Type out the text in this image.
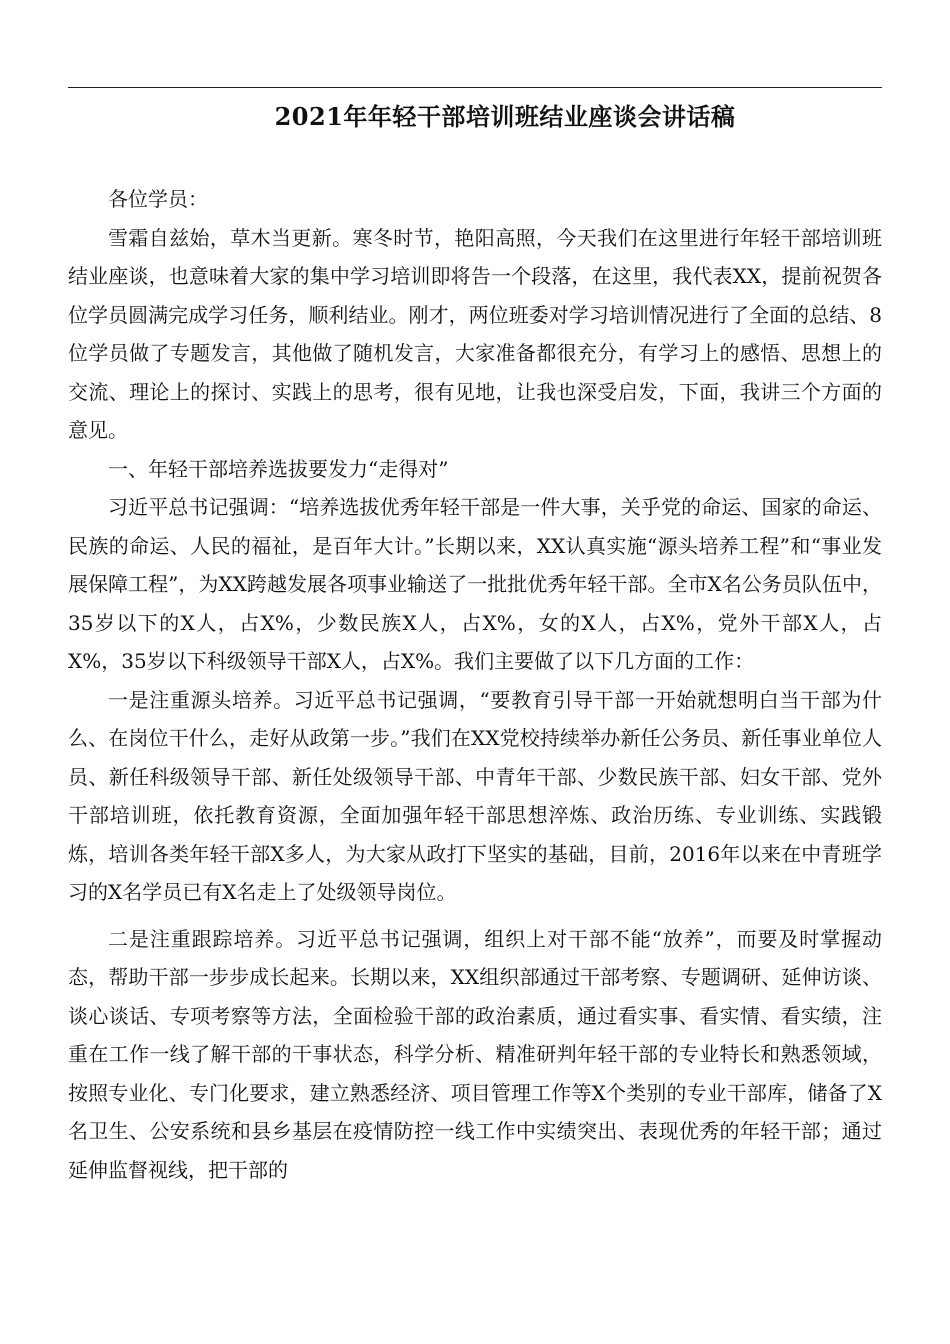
2021年年轻干部培训班结业座谈会讲话稿

各位学员：

雪霜自兹始，草木当更新。寒冬时节，艳阳高照，今天我们在这里进行年轻干部培训班结业座谈，也意味着大家的集中学习培训即将告一个段落，在这里，我代表XX，提前祝贺各位学员圆满完成学习任务，顺利结业。刚才，两位班委对学习培训情况进行了全面的总结、8位学员做了专题发言，其他做了随机发言，大家准备都很充分，有学习上的感悟、思想上的交流、理论上的探讨、实践上的思考，很有见地，让我也深受启发，下面，我讲三个方面的意见。

一、年轻干部培养选拔要发力“走得对”

习近平总书记强调：“培养选拔优秀年轻干部是一件大事，关乎党的命运、国家的命运、民族的命运、人民的福祉，是百年大计。”长期以来，XX认真实施“源头培养工程”和“事业发展保障工程”，为XX跨越发展各项事业输送了一批批优秀年轻干部。全市X名公务员队伍中，35岁以下的X人，占X%，少数民族X人，占X%，女的X人，占X%，党外干部X人，占X%，35岁以下科级领导干部X人，占X%。我们主要做了以下几方面的工作：

一是注重源头培养。习近平总书记强调，“要教育引导干部一开始就想明白当干部为什么、在岗位干什么，走好从政第一步。”我们在XX党校持续举办新任公务员、新任事业单位人员、新任科级领导干部、新任处级领导干部、中青年干部、少数民族干部、妇女干部、党外干部培训班，依托教育资源，全面加强年轻干部思想淬炼、政治历练、专业训练、实践锻炼，培训各类年轻干部X多人，为大家从政打下坚实的基础，目前，2016年以来在中青班学习的X名学员已有X名走上了处级领导岗位。

二是注重跟踪培养。习近平总书记强调，组织上对干部不能“放养”，而要及时掌握动态，帮助干部一步步成长起来。长期以来，XX组织部通过干部考察、专题调研、延伸访谈、谈心谈话、专项考察等方法，全面检验干部的政治素质，通过看实事、看实情、看实绩，注重在工作一线了解干部的干事状态，科学分析、精准研判年轻干部的专业特长和熟悉领域，按照专业化、专门化要求，建立熟悉经济、项目管理工作等X个类别的专业干部库，储备了X名卫生、公安系统和县乡基层在疫情防控一线工作中实绩突出、表现优秀的年轻干部；通过延伸监督视线，把干部的
